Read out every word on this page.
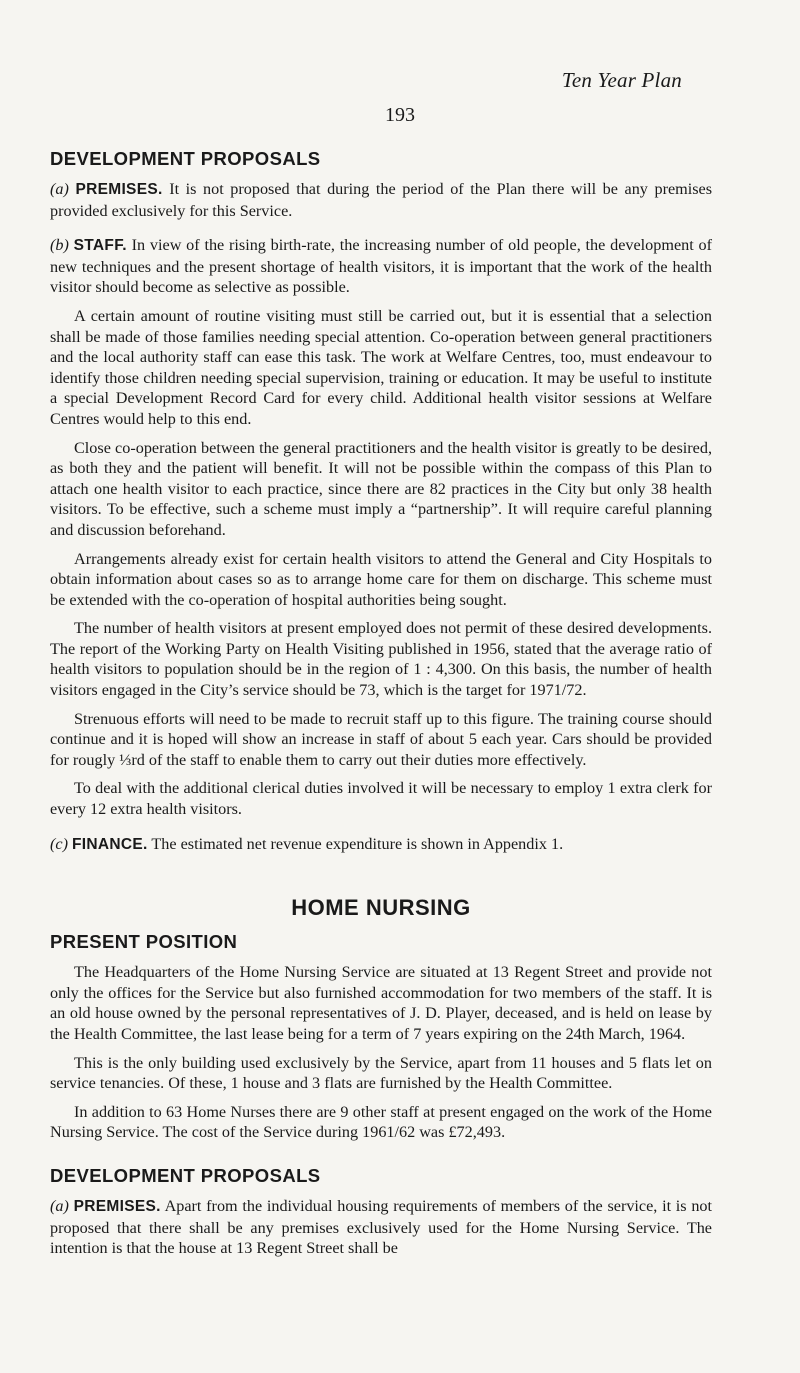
Ten Year Plan
193
DEVELOPMENT PROPOSALS

(a) PREMISES. It is not proposed that during the period of the Plan there will be any premises provided exclusively for this Service.

(b) STAFF. In view of the rising birth-rate, the increasing number of old people, the development of new techniques and the present shortage of health visitors, it is important that the work of the health visitor should become as selective as possible.

A certain amount of routine visiting must still be carried out, but it is essential that a selection shall be made of those families needing special attention. Co-operation between general practitioners and the local authority staff can ease this task. The work at Welfare Centres, too, must endeavour to identify those children needing special supervision, training or education. It may be useful to institute a special Development Record Card for every child. Additional health visitor sessions at Welfare Centres would help to this end.

Close co-operation between the general practitioners and the health visitor is greatly to be desired, as both they and the patient will benefit. It will not be possible within the compass of this Plan to attach one health visitor to each practice, since there are 82 practices in the City but only 38 health visitors. To be effective, such a scheme must imply a “partnership”. It will require careful planning and discussion beforehand.

Arrangements already exist for certain health visitors to attend the General and City Hospitals to obtain information about cases so as to arrange home care for them on discharge. This scheme must be extended with the co-operation of hospital authorities being sought.

The number of health visitors at present employed does not permit of these desired developments. The report of the Working Party on Health Visiting published in 1956, stated that the average ratio of health visitors to population should be in the region of 1 : 4,300. On this basis, the number of health visitors engaged in the City’s service should be 73, which is the target for 1971/72.

Strenuous efforts will need to be made to recruit staff up to this figure. The training course should continue and it is hoped will show an increase in staff of about 5 each year. Cars should be provided for rougly ⅓rd of the staff to enable them to carry out their duties more effectively.

To deal with the additional clerical duties involved it will be necessary to employ 1 extra clerk for every 12 extra health visitors.

(c) FINANCE. The estimated net revenue expenditure is shown in Appendix 1.

HOME NURSING
PRESENT POSITION

The Headquarters of the Home Nursing Service are situated at 13 Regent Street and provide not only the offices for the Service but also furnished accommodation for two members of the staff. It is an old house owned by the personal representatives of J. D. Player, deceased, and is held on lease by the Health Committee, the last lease being for a term of 7 years expiring on the 24th March, 1964.

This is the only building used exclusively by the Service, apart from 11 houses and 5 flats let on service tenancies. Of these, 1 house and 3 flats are furnished by the Health Committee.

In addition to 63 Home Nurses there are 9 other staff at present engaged on the work of the Home Nursing Service. The cost of the Service during 1961/62 was £72,493.

DEVELOPMENT PROPOSALS

(a) PREMISES. Apart from the individual housing requirements of members of the service, it is not proposed that there shall be any premises exclusively used for the Home Nursing Service. The intention is that the house at 13 Regent Street shall be
